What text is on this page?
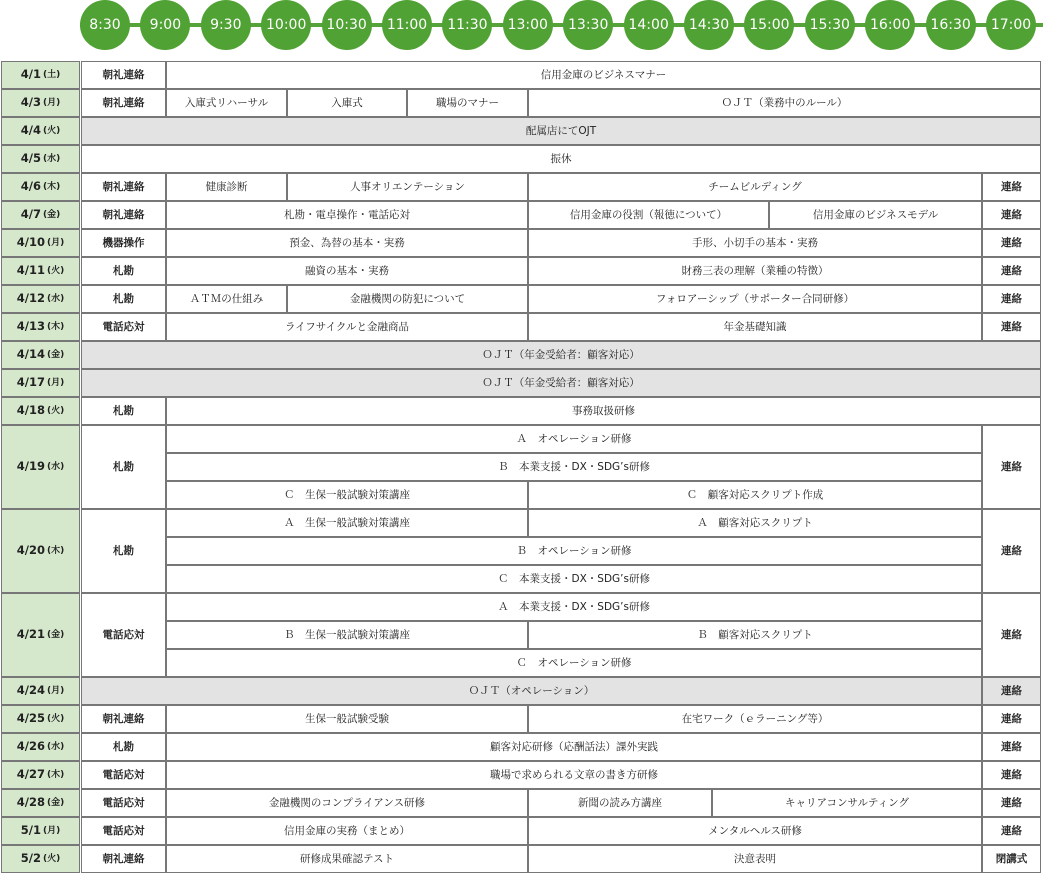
8:30	9:00	9:30	10:00	10:30	11:00	11:30	13:00	13:30	14:00	14:30	15:00	15:30	16:00	16:30	17:00
4/1 (土)	朝礼連絡	信用金庫のビジネスマナー
4/3 (月)	朝礼連絡	入庫式リハーサル	入庫式	職場のマナー	ＯＪＴ（業務中のルール）
4/4 (火)	配属店にてOJT
4/5 (水)	振休
4/6 (木)	朝礼連絡	健康診断	人事オリエンテーション	チームビルディング	連絡
4/7 (金)	朝礼連絡	札勘・電卓操作・電話応対	信用金庫の役割（報徳について）	信用金庫のビジネスモデル	連絡
4/10 (月)	機器操作	預金、為替の基本・実務	手形、小切手の基本・実務	連絡
4/11 (火)	札勘	融資の基本・実務	財務三表の理解（業種の特徴）	連絡
4/12 (水)	札勘	ＡＴＭの仕組み	金融機関の防犯について	フォロアーシップ（サポーター合同研修）	連絡
4/13 (木)	電話応対	ライフサイクルと金融商品	年金基礎知識	連絡
4/14 (金)	ＯＪＴ（年金受給者：顧客対応）
4/17 (月)	ＯＪＴ（年金受給者：顧客対応）
4/18 (火)	札勘	事務取扱研修
4/19 (水)	札勘	連絡
Ａ　オペレーション研修
Ｂ　本業支援・DX・SDG’s研修
Ｃ　生保一般試験対策講座	Ｃ　顧客対応スクリプト作成
4/20 (木)	札勘	連絡
Ａ　生保一般試験対策講座	Ａ　顧客対応スクリプト
Ｂ　オペレーション研修
Ｃ　本業支援・DX・SDG’s研修
4/21 (金)	電話応対	連絡
Ａ　本業支援・DX・SDG’s研修
Ｂ　生保一般試験対策講座	Ｂ　顧客対応スクリプト
Ｃ　オペレーション研修
4/24 (月)	ＯＪＴ（オペレーション）	連絡
4/25 (火)	朝礼連絡	生保一般試験受験	在宅ワーク（ｅラーニング等）	連絡
4/26 (水)	札勘	顧客対応研修（応酬話法）課外実践	連絡
4/27 (木)	電話応対	職場で求められる文章の書き方研修	連絡
4/28 (金)	電話応対	金融機関のコンプライアンス研修	新聞の読み方講座	キャリアコンサルティング	連絡
5/1 (月)	電話応対	信用金庫の実務（まとめ）	メンタルヘルス研修	連絡
5/2 (火)	朝礼連絡	研修成果確認テスト	決意表明	閉講式
